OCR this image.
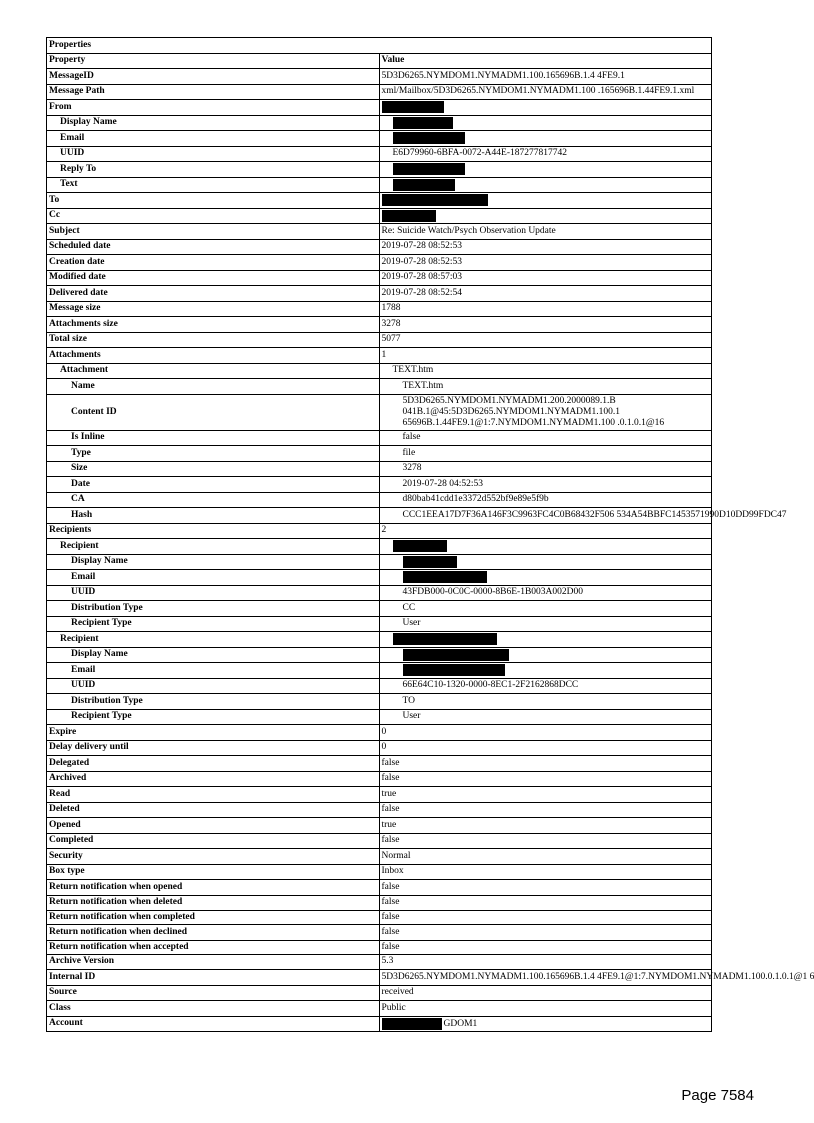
Properties	
Property	Value
MessageID	5D3D6265.NYMDOM1.NYMADM1.100.165696B.1.4 4FE9.1
Message Path	xml/Mailbox/5D3D6265.NYMDOM1.NYMADM1.100 .165696B.1.44FE9.1.xml
From	
Display Name	
Email	
UUID	E6D79960-6BFA-0072-A44E-187277817742
Reply To	
Text	
To	
Cc	
Subject	Re: Suicide Watch/Psych Observation Update
Scheduled date	2019-07-28 08:52:53
Creation date	2019-07-28 08:52:53
Modified date	2019-07-28 08:57:03
Delivered date	2019-07-28 08:52:54
Message size	1788
Attachments size	3278
Total size	5077
Attachments	1
Attachment	TEXT.htm
Name	TEXT.htm
Content ID	5D3D6265.NYMDOM1.NYMADM1.200.2000089.1.B 041B.1@45:5D3D6265.NYMDOM1.NYMADM1.100.1 65696B.1.44FE9.1@1:7.NYMDOM1.NYMADM1.100 .0.1.0.1@16
Is Inline	false
Type	file
Size	3278
Date	2019-07-28 04:52:53
CA	d80bab41cdd1e3372d552bf9e89e5f9b
Hash	CCC1EEA17D7F36A146F3C9963FC4C0B68432F506 534A54BBFC1453571990D10DD99FDC47
Recipients	2
Recipient	
Display Name	
Email	
UUID	43FDB000-0C0C-0000-8B6E-1B003A002D00
Distribution Type	CC
Recipient Type	User
Recipient	
Display Name	
Email	
UUID	66E64C10-1320-0000-8EC1-2F2162868DCC
Distribution Type	TO
Recipient Type	User
Expire	0
Delay delivery until	0
Delegated	false
Archived	false
Read	true
Deleted	false
Opened	true
Completed	false
Security	Normal
Box type	Inbox
Return notification when opened	false
Return notification when deleted	false
Return notification when completed	false
Return notification when declined	false
Return notification when accepted	false
Archive Version	5.3
Internal ID	5D3D6265.NYMDOM1.NYMADM1.100.165696B.1.4 4FE9.1@1:7.NYMDOM1.NYMADM1.100.0.1.0.1@1 6
Source	received
Class	Public
Account	GDOM1
Page 7584
